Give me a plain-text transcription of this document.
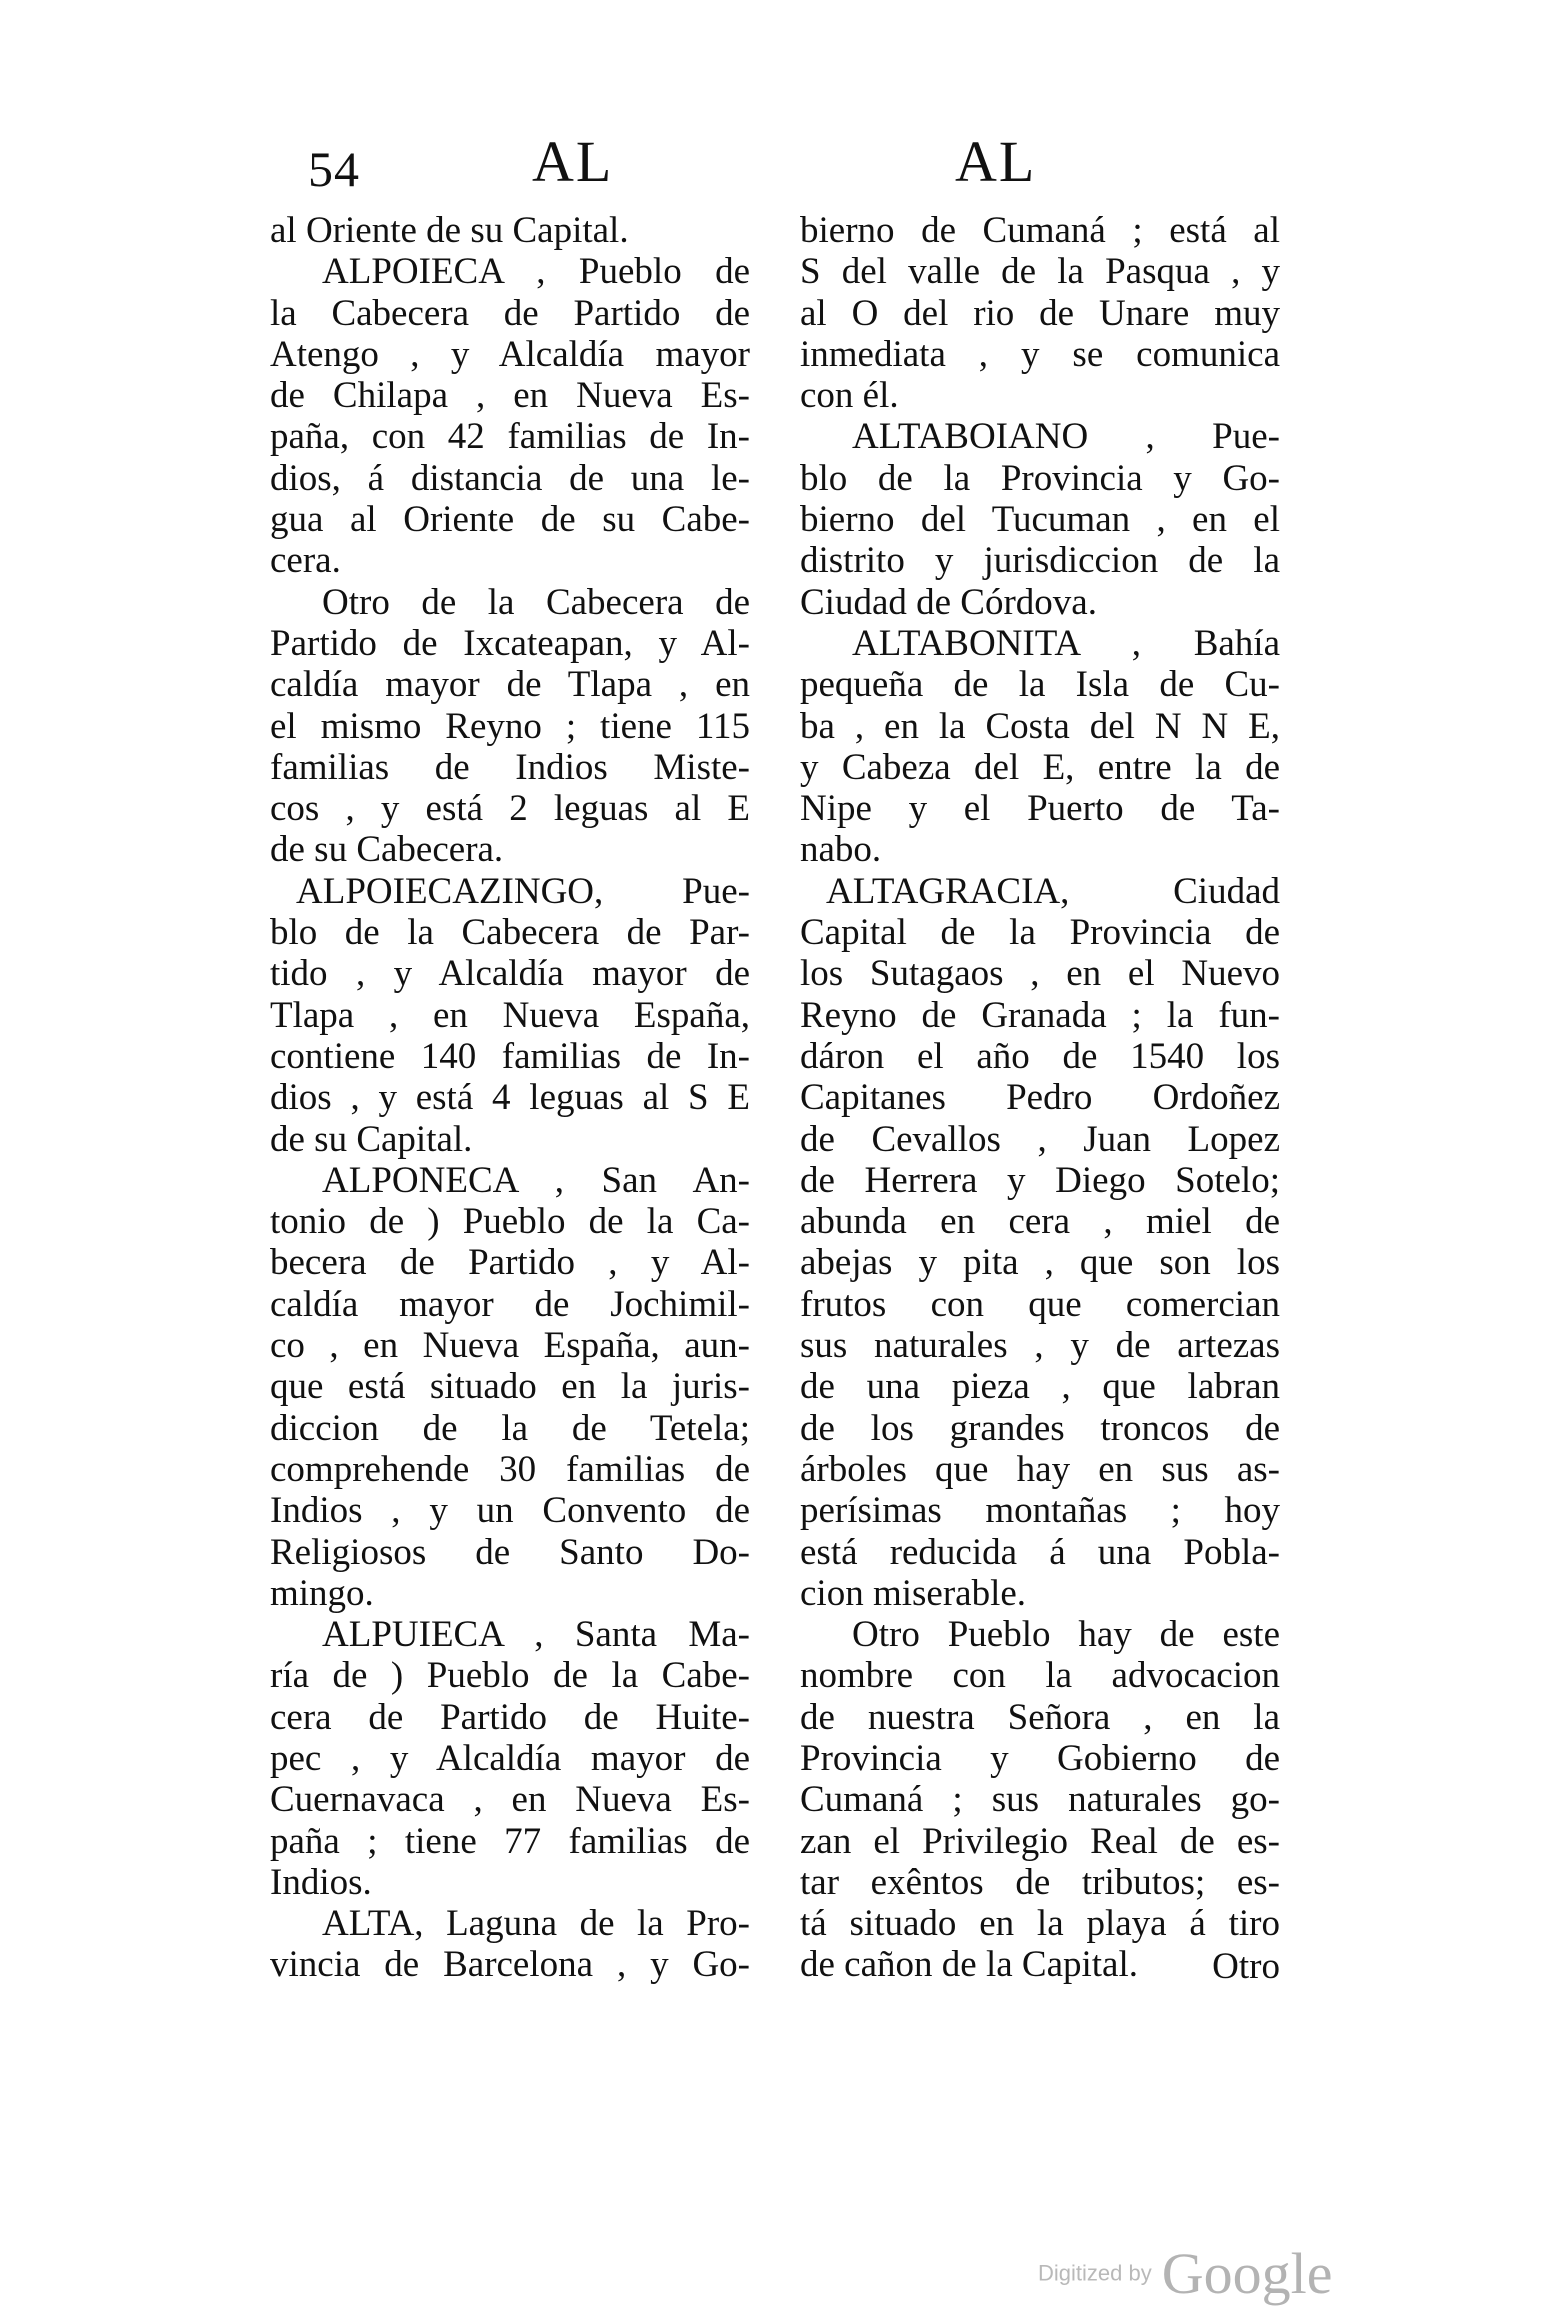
54	AL	AL
al Oriente de su Capital.
ALPOIECA , Pueblo de
la Cabecera de Partido de
Atengo , y Alcaldía mayor
de Chilapa , en Nueva Es-
paña, con 42 familias de In-
dios, á distancia de una le-
gua al Oriente de su Cabe-
cera.
Otro de la Cabecera de
Partido de Ixcateapan, y Al-
caldía mayor de Tlapa , en
el mismo Reyno ; tiene 115
familias de Indios Miste-
cos , y está 2 leguas al E
de su Cabecera.
ALPOIECAZINGO, Pue-
blo de la Cabecera de Par-
tido , y Alcaldía mayor de
Tlapa , en Nueva España,
contiene 140 familias de In-
dios , y está 4 leguas al S E
de su Capital.
ALPONECA , San An-
tonio de ) Pueblo de la Ca-
becera de Partido , y Al-
caldía mayor de Jochimil-
co , en Nueva España, aun-
que está situado en la juris-
diccion de la de Tetela;
comprehende 30 familias de
Indios , y un Convento de
Religiosos de Santo Do-
mingo.
ALPUIECA , Santa Ma-
ría de ) Pueblo de la Cabe-
cera de Partido de Huite-
pec , y Alcaldía mayor de
Cuernavaca , en Nueva Es-
paña ; tiene 77 familias de
Indios.
ALTA, Laguna de la Pro-
vincia de Barcelona , y Go-
bierno de Cumaná ; está al
S del valle de la Pasqua , y
al O del rio de Unare muy
inmediata , y se comunica
con él.
ALTABOIANO , Pue-
blo de la Provincia y Go-
bierno del Tucuman , en el
distrito y jurisdiccion de la
Ciudad de Córdova.
ALTABONITA , Bahía
pequeña de la Isla de Cu-
ba , en la Costa del N N E,
y Cabeza del E, entre la de
Nipe y el Puerto de Ta-
nabo.
ALTAGRACIA, Ciudad
Capital de la Provincia de
los Sutagaos , en el Nuevo
Reyno de Granada ; la fun-
dáron el año de 1540 los
Capitanes Pedro Ordoñez
de Cevallos , Juan Lopez
de Herrera y Diego Sotelo;
abunda en cera , miel de
abejas y pita , que son los
frutos con que comercian
sus naturales , y de artezas
de una pieza , que labran
de los grandes troncos de
árboles que hay en sus as-
perísimas montañas ; hoy
está reducida á una Pobla-
cion miserable.
Otro Pueblo hay de este
nombre con la advocacion
de nuestra Señora , en la
Provincia y Gobierno de
Cumaná ; sus naturales go-
zan el Privilegio Real de es-
tar exêntos de tributos; es-
tá situado en la playa á tiro
de cañon de la Capital.	Otro
Digitized by Google
